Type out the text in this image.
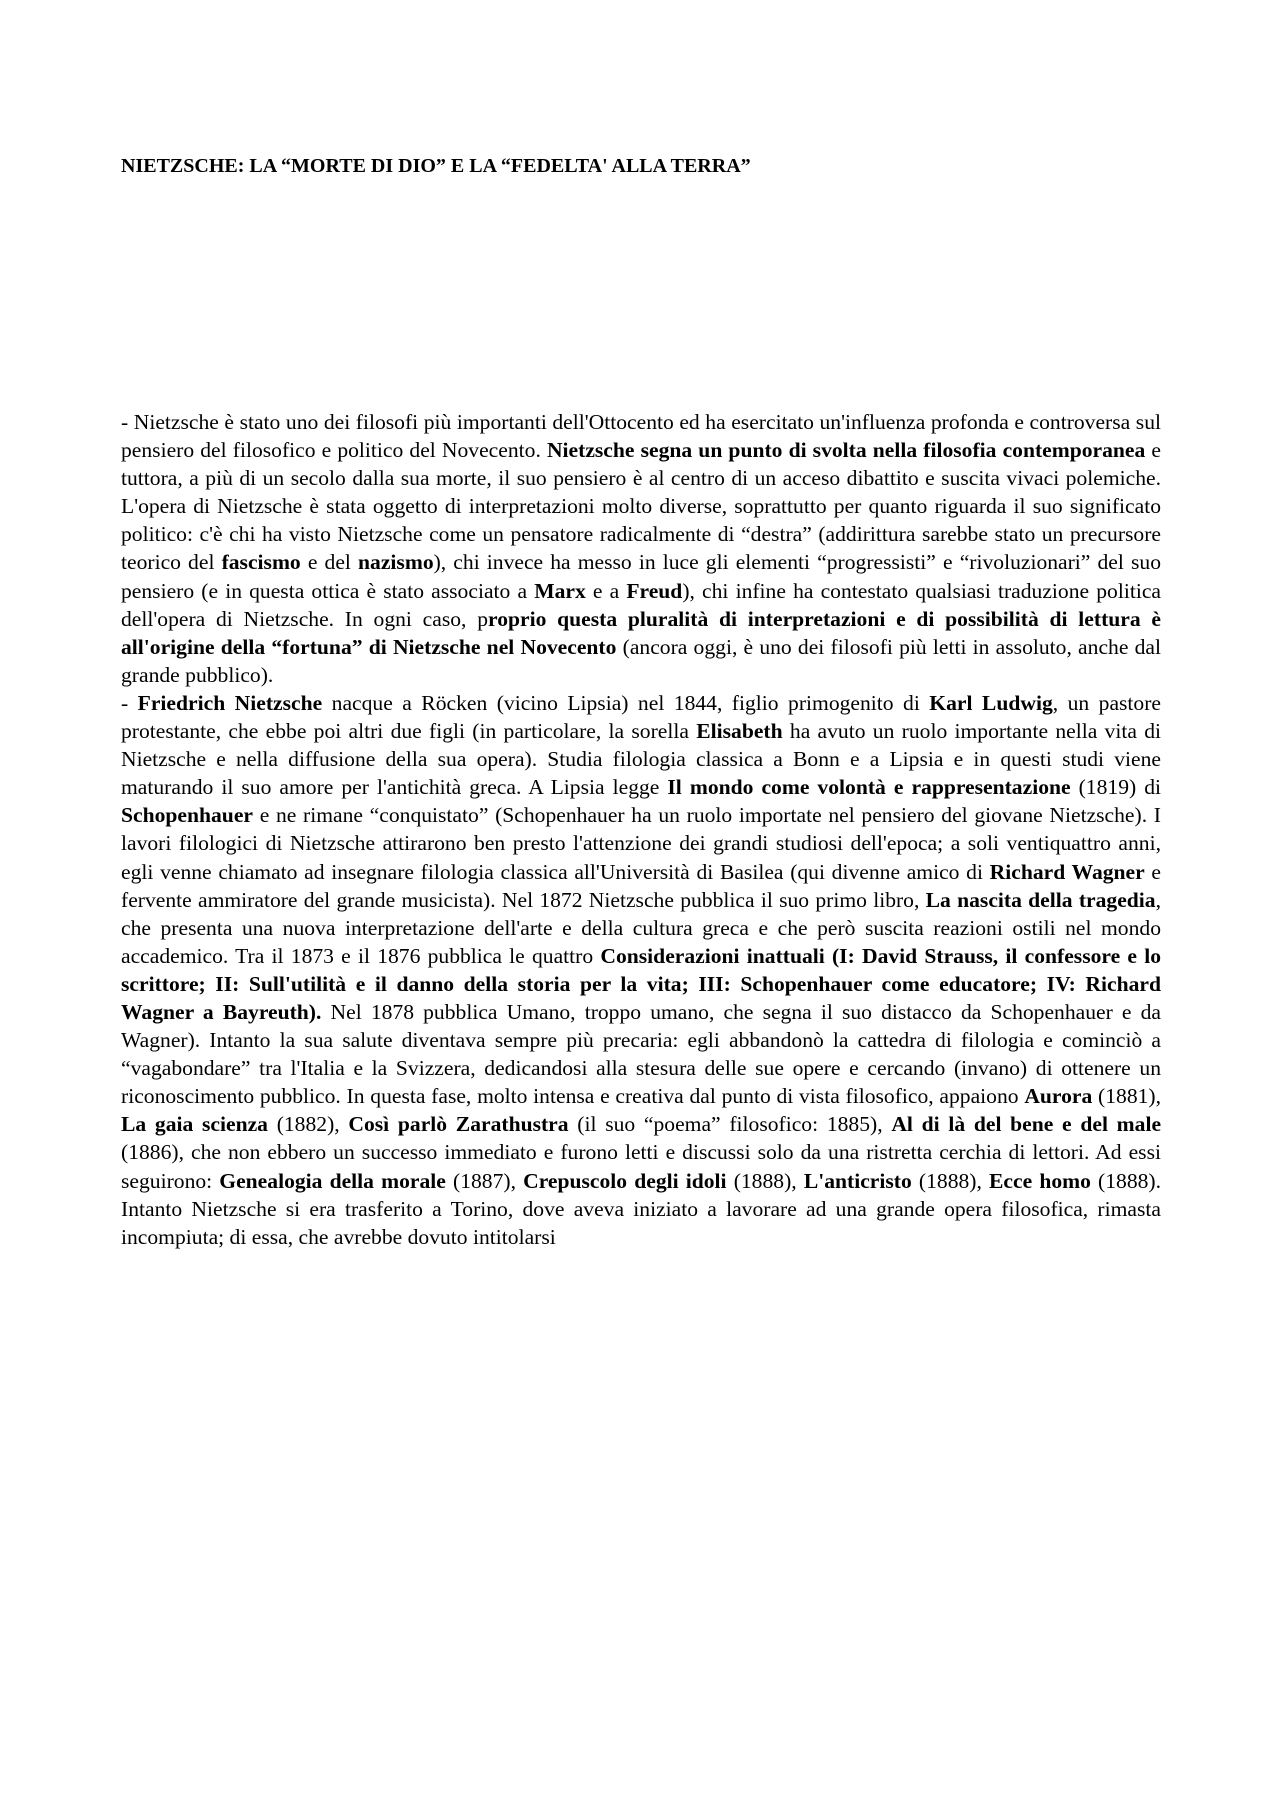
NIETZSCHE: LA “MORTE DI DIO” E LA “FEDELTA' ALLA TERRA”

- Nietzsche è stato uno dei filosofi più importanti dell'Ottocento ed ha esercitato un'influenza profonda e controversa sul pensiero del filosofico e politico del Novecento. Nietzsche segna un punto di svolta nella filosofia contemporanea e tuttora, a più di un secolo dalla sua morte, il suo pensiero è al centro di un acceso dibattito e suscita vivaci polemiche. L'opera di Nietzsche è stata oggetto di interpretazioni molto diverse, soprattutto per quanto riguarda il suo significato politico: c'è chi ha visto Nietzsche come un pensatore radicalmente di “destra” (addirittura sarebbe stato un precursore teorico del fascismo e del nazismo), chi invece ha messo in luce gli elementi “progressisti” e “rivoluzionari” del suo pensiero (e in questa ottica è stato associato a Marx e a Freud), chi infine ha contestato qualsiasi traduzione politica dell'opera di Nietzsche. In ogni caso, proprio questa pluralità di interpretazioni e di possibilità di lettura è all'origine della “fortuna” di Nietzsche nel Novecento (ancora oggi, è uno dei filosofi più letti in assoluto, anche dal grande pubblico).

- Friedrich Nietzsche nacque a Röcken (vicino Lipsia) nel 1844, figlio primogenito di Karl Ludwig, un pastore protestante, che ebbe poi altri due figli (in particolare, la sorella Elisabeth ha avuto un ruolo importante nella vita di Nietzsche e nella diffusione della sua opera). Studia filologia classica a Bonn e a Lipsia e in questi studi viene maturando il suo amore per l'antichità greca. A Lipsia legge Il mondo come volontà e rappresentazione (1819) di Schopenhauer e ne rimane “conquistato” (Schopenhauer ha un ruolo importate nel pensiero del giovane Nietzsche). I lavori filologici di Nietzsche attirarono ben presto l'attenzione dei grandi studiosi dell'epoca; a soli ventiquattro anni, egli venne chiamato ad insegnare filologia classica all'Università di Basilea (qui divenne amico di Richard Wagner e fervente ammiratore del grande musicista). Nel 1872 Nietzsche pubblica il suo primo libro, La nascita della tragedia, che presenta una nuova interpretazione dell'arte e della cultura greca e che però suscita reazioni ostili nel mondo accademico. Tra il 1873 e il 1876 pubblica le quattro Considerazioni inattuali (I: David Strauss, il confessore e lo scrittore; II: Sull'utilità e il danno della storia per la vita; III: Schopenhauer come educatore; IV: Richard Wagner a Bayreuth). Nel 1878 pubblica Umano, troppo umano, che segna il suo distacco da Schopenhauer e da Wagner). Intanto la sua salute diventava sempre più precaria: egli abbandonò la cattedra di filologia e cominciò a “vagabondare” tra l'Italia e la Svizzera, dedicandosi alla stesura delle sue opere e cercando (invano) di ottenere un riconoscimento pubblico. In questa fase, molto intensa e creativa dal punto di vista filosofico, appaiono Aurora (1881), La gaia scienza (1882), Così parlò Zarathustra (il suo “poema” filosofico: 1885), Al di là del bene e del male (1886), che non ebbero un successo immediato e furono letti e discussi solo da una ristretta cerchia di lettori. Ad essi seguirono: Genealogia della morale (1887), Crepuscolo degli idoli (1888), L'anticristo (1888), Ecce homo (1888). Intanto Nietzsche si era trasferito a Torino, dove aveva iniziato a lavorare ad una grande opera filosofica, rimasta incompiuta; di essa, che avrebbe dovuto intitolarsi
